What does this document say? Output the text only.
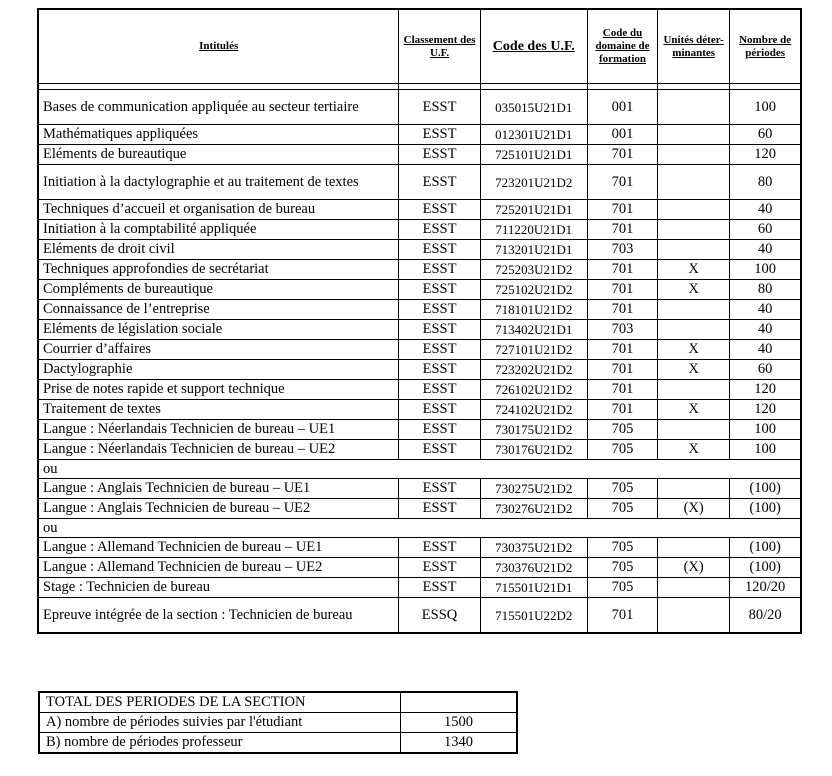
Intitulés	Classement des U.F.	Code des U.F.	Code du domaine de formation	Unités déter-minantes	Nombre de périodes

Bases de communication appliquée au secteur tertiaire	ESST	035015U21D1	001		100
Mathématiques appliquées	ESST	012301U21D1	001		60
Eléments de bureautique	ESST	725101U21D1	701		120
Initiation à la dactylographie et au traitement de textes	ESST	723201U21D2	701		80
Techniques d’accueil et organisation de bureau	ESST	725201U21D1	701		40
Initiation à la comptabilité appliquée	ESST	711220U21D1	701		60
Eléments de droit civil	ESST	713201U21D1	703		40
Techniques approfondies de secrétariat	ESST	725203U21D2	701	X	100
Compléments de bureautique	ESST	725102U21D2	701	X	80
Connaissance de l’entreprise	ESST	718101U21D2	701		40
Eléments de législation sociale	ESST	713402U21D1	703		40
Courrier d’affaires	ESST	727101U21D2	701	X	40
Dactylographie	ESST	723202U21D2	701	X	60
Prise de notes rapide et support technique	ESST	726102U21D2	701		120
Traitement de textes	ESST	724102U21D2	701	X	120
Langue : Néerlandais Technicien de bureau – UE1	ESST	730175U21D2	705		100
Langue : Néerlandais Technicien de bureau – UE2	ESST	730176U21D2	705	X	100
ou					
Langue : Anglais Technicien de bureau – UE1	ESST	730275U21D2	705		(100)
Langue : Anglais Technicien de bureau – UE2	ESST	730276U21D2	705	(X)	(100)
ou					
Langue : Allemand Technicien de bureau – UE1	ESST	730375U21D2	705		(100)
Langue : Allemand Technicien de bureau – UE2	ESST	730376U21D2	705	(X)	(100)
Stage : Technicien de bureau	ESST	715501U21D1	705		120/20
Epreuve intégrée de la section : Technicien de bureau	ESSQ	715501U22D2	701		80/20
TOTAL DES PERIODES DE LA SECTION	
A) nombre de périodes suivies par l'étudiant	1500
B) nombre de périodes professeur	1340
